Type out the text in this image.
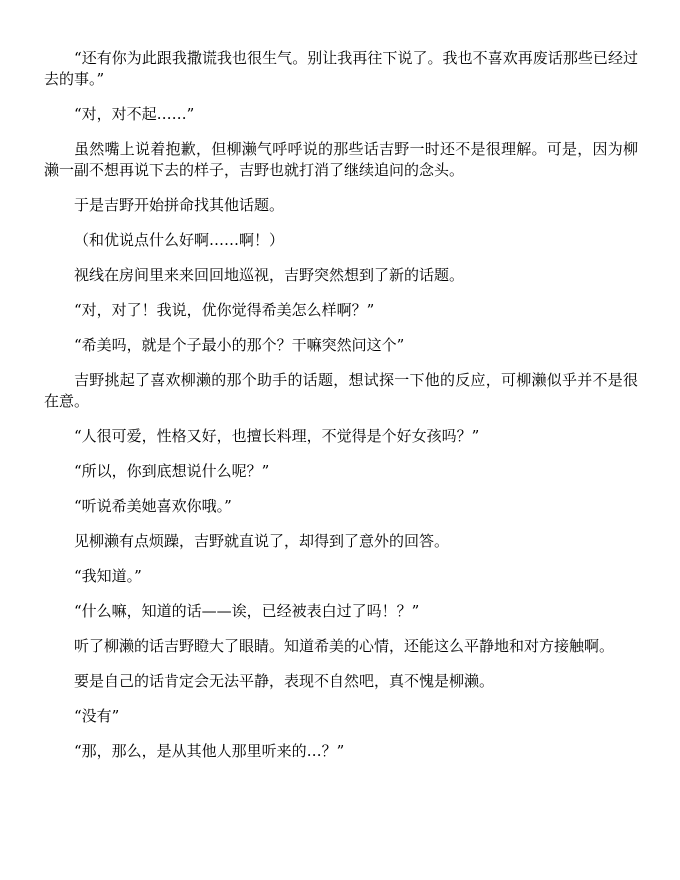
“还有你为此跟我撒谎我也很生气。别让我再往下说了。我也不喜欢再废话那些已经过去的事。”

“对，对不起……”

虽然嘴上说着抱歉，但柳濑气呼呼说的那些话吉野一时还不是很理解。可是，因为柳濑一副不想再说下去的样子，吉野也就打消了继续追问的念头。

于是吉野开始拼命找其他话题。

（和优说点什么好啊……啊！）

视线在房间里来来回回地巡视，吉野突然想到了新的话题。

“对，对了！我说，优你觉得希美怎么样啊？”

“希美吗，就是个子最小的那个？干嘛突然问这个”

吉野挑起了喜欢柳濑的那个助手的话题，想试探一下他的反应，可柳濑似乎并不是很在意。

“人很可爱，性格又好，也擅长料理，不觉得是个好女孩吗？”

“所以，你到底想说什么呢？”

“听说希美她喜欢你哦。”

见柳濑有点烦躁，吉野就直说了，却得到了意外的回答。

“我知道。”

“什么嘛，知道的话——诶，已经被表白过了吗！？”

听了柳濑的话吉野瞪大了眼睛。知道希美的心情，还能这么平静地和对方接触啊。

要是自己的话肯定会无法平静，表现不自然吧，真不愧是柳濑。

“没有”

“那，那么，是从其他人那里听来的…？”
